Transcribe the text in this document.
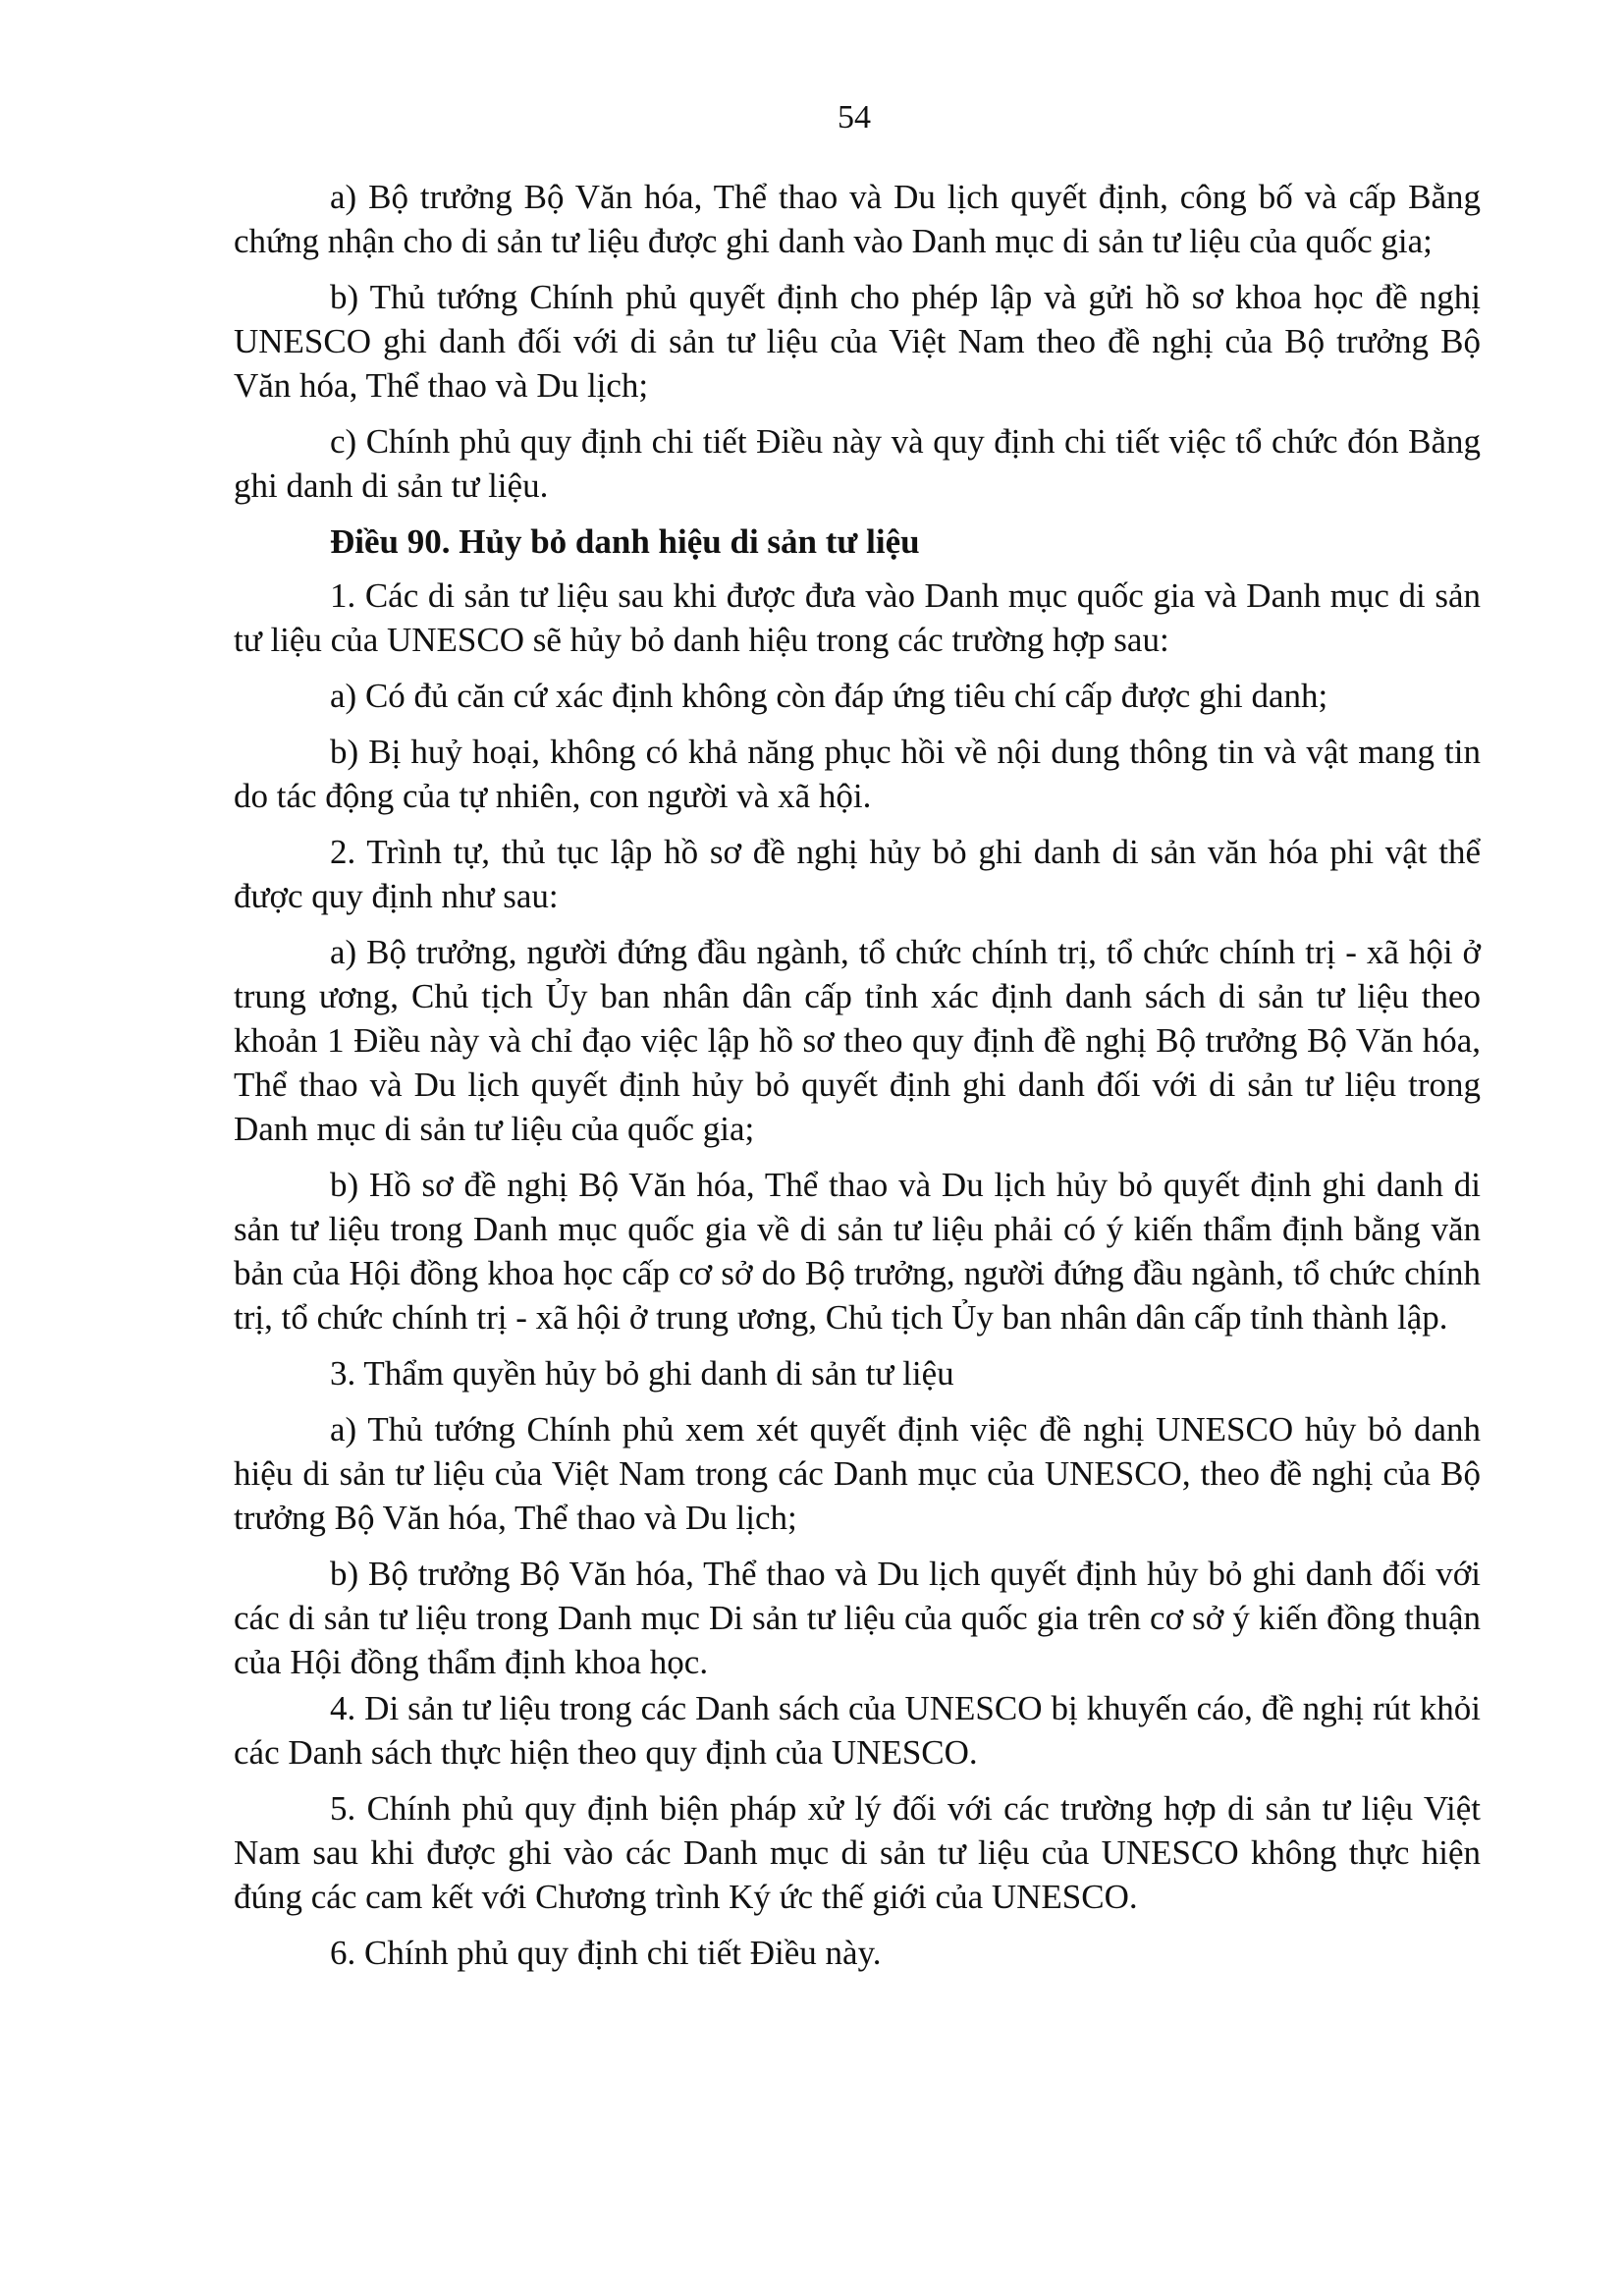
54

a) Bộ trưởng Bộ Văn hóa, Thể thao và Du lịch quyết định, công bố và cấp Bằng chứng nhận cho di sản tư liệu được ghi danh vào Danh mục di sản tư liệu của quốc gia;

b) Thủ tướng Chính phủ quyết định cho phép lập và gửi hồ sơ khoa học đề nghị UNESCO ghi danh đối với di sản tư liệu của Việt Nam theo đề nghị của Bộ trưởng Bộ Văn hóa, Thể thao và Du lịch;

c) Chính phủ quy định chi tiết Điều này và quy định chi tiết việc tổ chức đón Bằng ghi danh di sản tư liệu.

Điều 90. Hủy bỏ danh hiệu di sản tư liệu

1. Các di sản tư liệu sau khi được đưa vào Danh mục quốc gia và Danh mục di sản tư liệu của UNESCO sẽ hủy bỏ danh hiệu trong các trường hợp sau:

a) Có đủ căn cứ xác định không còn đáp ứng tiêu chí cấp được ghi danh;

b) Bị huỷ hoại, không có khả năng phục hồi về nội dung thông tin và vật mang tin do tác động của tự nhiên, con người và xã hội.

2. Trình tự, thủ tục lập hồ sơ đề nghị hủy bỏ ghi danh di sản văn hóa phi vật thể được quy định như sau:

a) Bộ trưởng, người đứng đầu ngành, tổ chức chính trị, tổ chức chính trị - xã hội ở trung ương, Chủ tịch Ủy ban nhân dân cấp tỉnh xác định danh sách di sản tư liệu theo khoản 1 Điều này và chỉ đạo việc lập hồ sơ theo quy định đề nghị Bộ trưởng Bộ Văn hóa, Thể thao và Du lịch quyết định hủy bỏ quyết định ghi danh đối với di sản tư liệu trong Danh mục di sản tư liệu của quốc gia;

b) Hồ sơ đề nghị Bộ Văn hóa, Thể thao và Du lịch hủy bỏ quyết định ghi danh di sản tư liệu trong Danh mục quốc gia về di sản tư liệu phải có ý kiến thẩm định bằng văn bản của Hội đồng khoa học cấp cơ sở do Bộ trưởng, người đứng đầu ngành, tổ chức chính trị, tổ chức chính trị - xã hội ở trung ương, Chủ tịch Ủy ban nhân dân cấp tỉnh thành lập.

3. Thẩm quyền hủy bỏ ghi danh di sản tư liệu

a) Thủ tướng Chính phủ xem xét quyết định việc đề nghị UNESCO hủy bỏ danh hiệu di sản tư liệu của Việt Nam trong các Danh mục của UNESCO, theo đề nghị của Bộ trưởng Bộ Văn hóa, Thể thao và Du lịch;

b) Bộ trưởng Bộ Văn hóa, Thể thao và Du lịch quyết định hủy bỏ ghi danh đối với các di sản tư liệu trong Danh mục Di sản tư liệu của quốc gia trên cơ sở ý kiến đồng thuận của Hội đồng thẩm định khoa học.

4. Di sản tư liệu trong các Danh sách của UNESCO bị khuyến cáo, đề nghị rút khỏi các Danh sách thực hiện theo quy định của UNESCO.

5. Chính phủ quy định biện pháp xử lý đối với các trường hợp di sản tư liệu Việt Nam sau khi được ghi vào các Danh mục di sản tư liệu của UNESCO không thực hiện đúng các cam kết với Chương trình Ký ức thế giới của UNESCO.

6. Chính phủ quy định chi tiết Điều này.
